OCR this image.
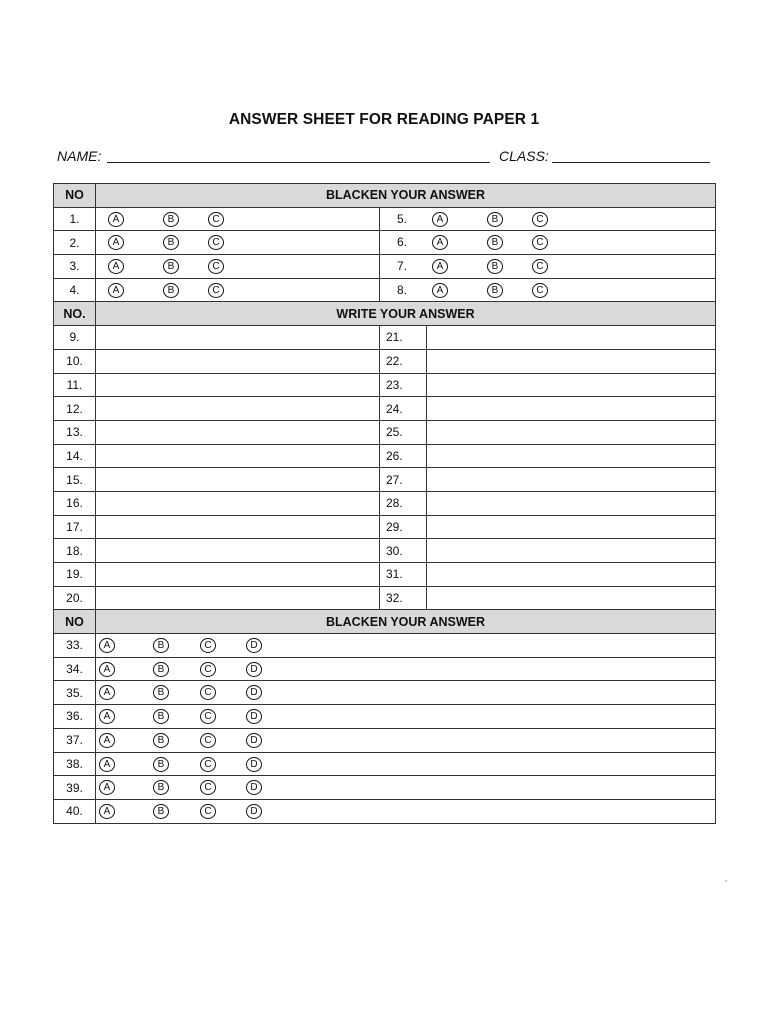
ANSWER SHEET FOR READING PAPER 1
NAME:	CLASS:
NO	BLACKEN YOUR ANSWER		
1.	A B C	5. A B C	

2.	A B C	6. A B C	

3.	A B C	7. A B C	

4.	A B C	8. A B C	

NO.	WRITE YOUR ANSWER		
9.		21.	
10.		22.	
11.		23.	
12.		24.	
13.		25.	
14.		26.	
15.		27.	
16.		28.	
17.		29.	
18.		30.	
19.		31.	
20.		32.	
NO	BLACKEN YOUR ANSWER		
33.	A B C D		

34.	A B C D		

35.	A B C D		

36.	A B C D		

37.	A B C D		

38.	A B C D		

39.	A B C D		

40.	A B C D		
